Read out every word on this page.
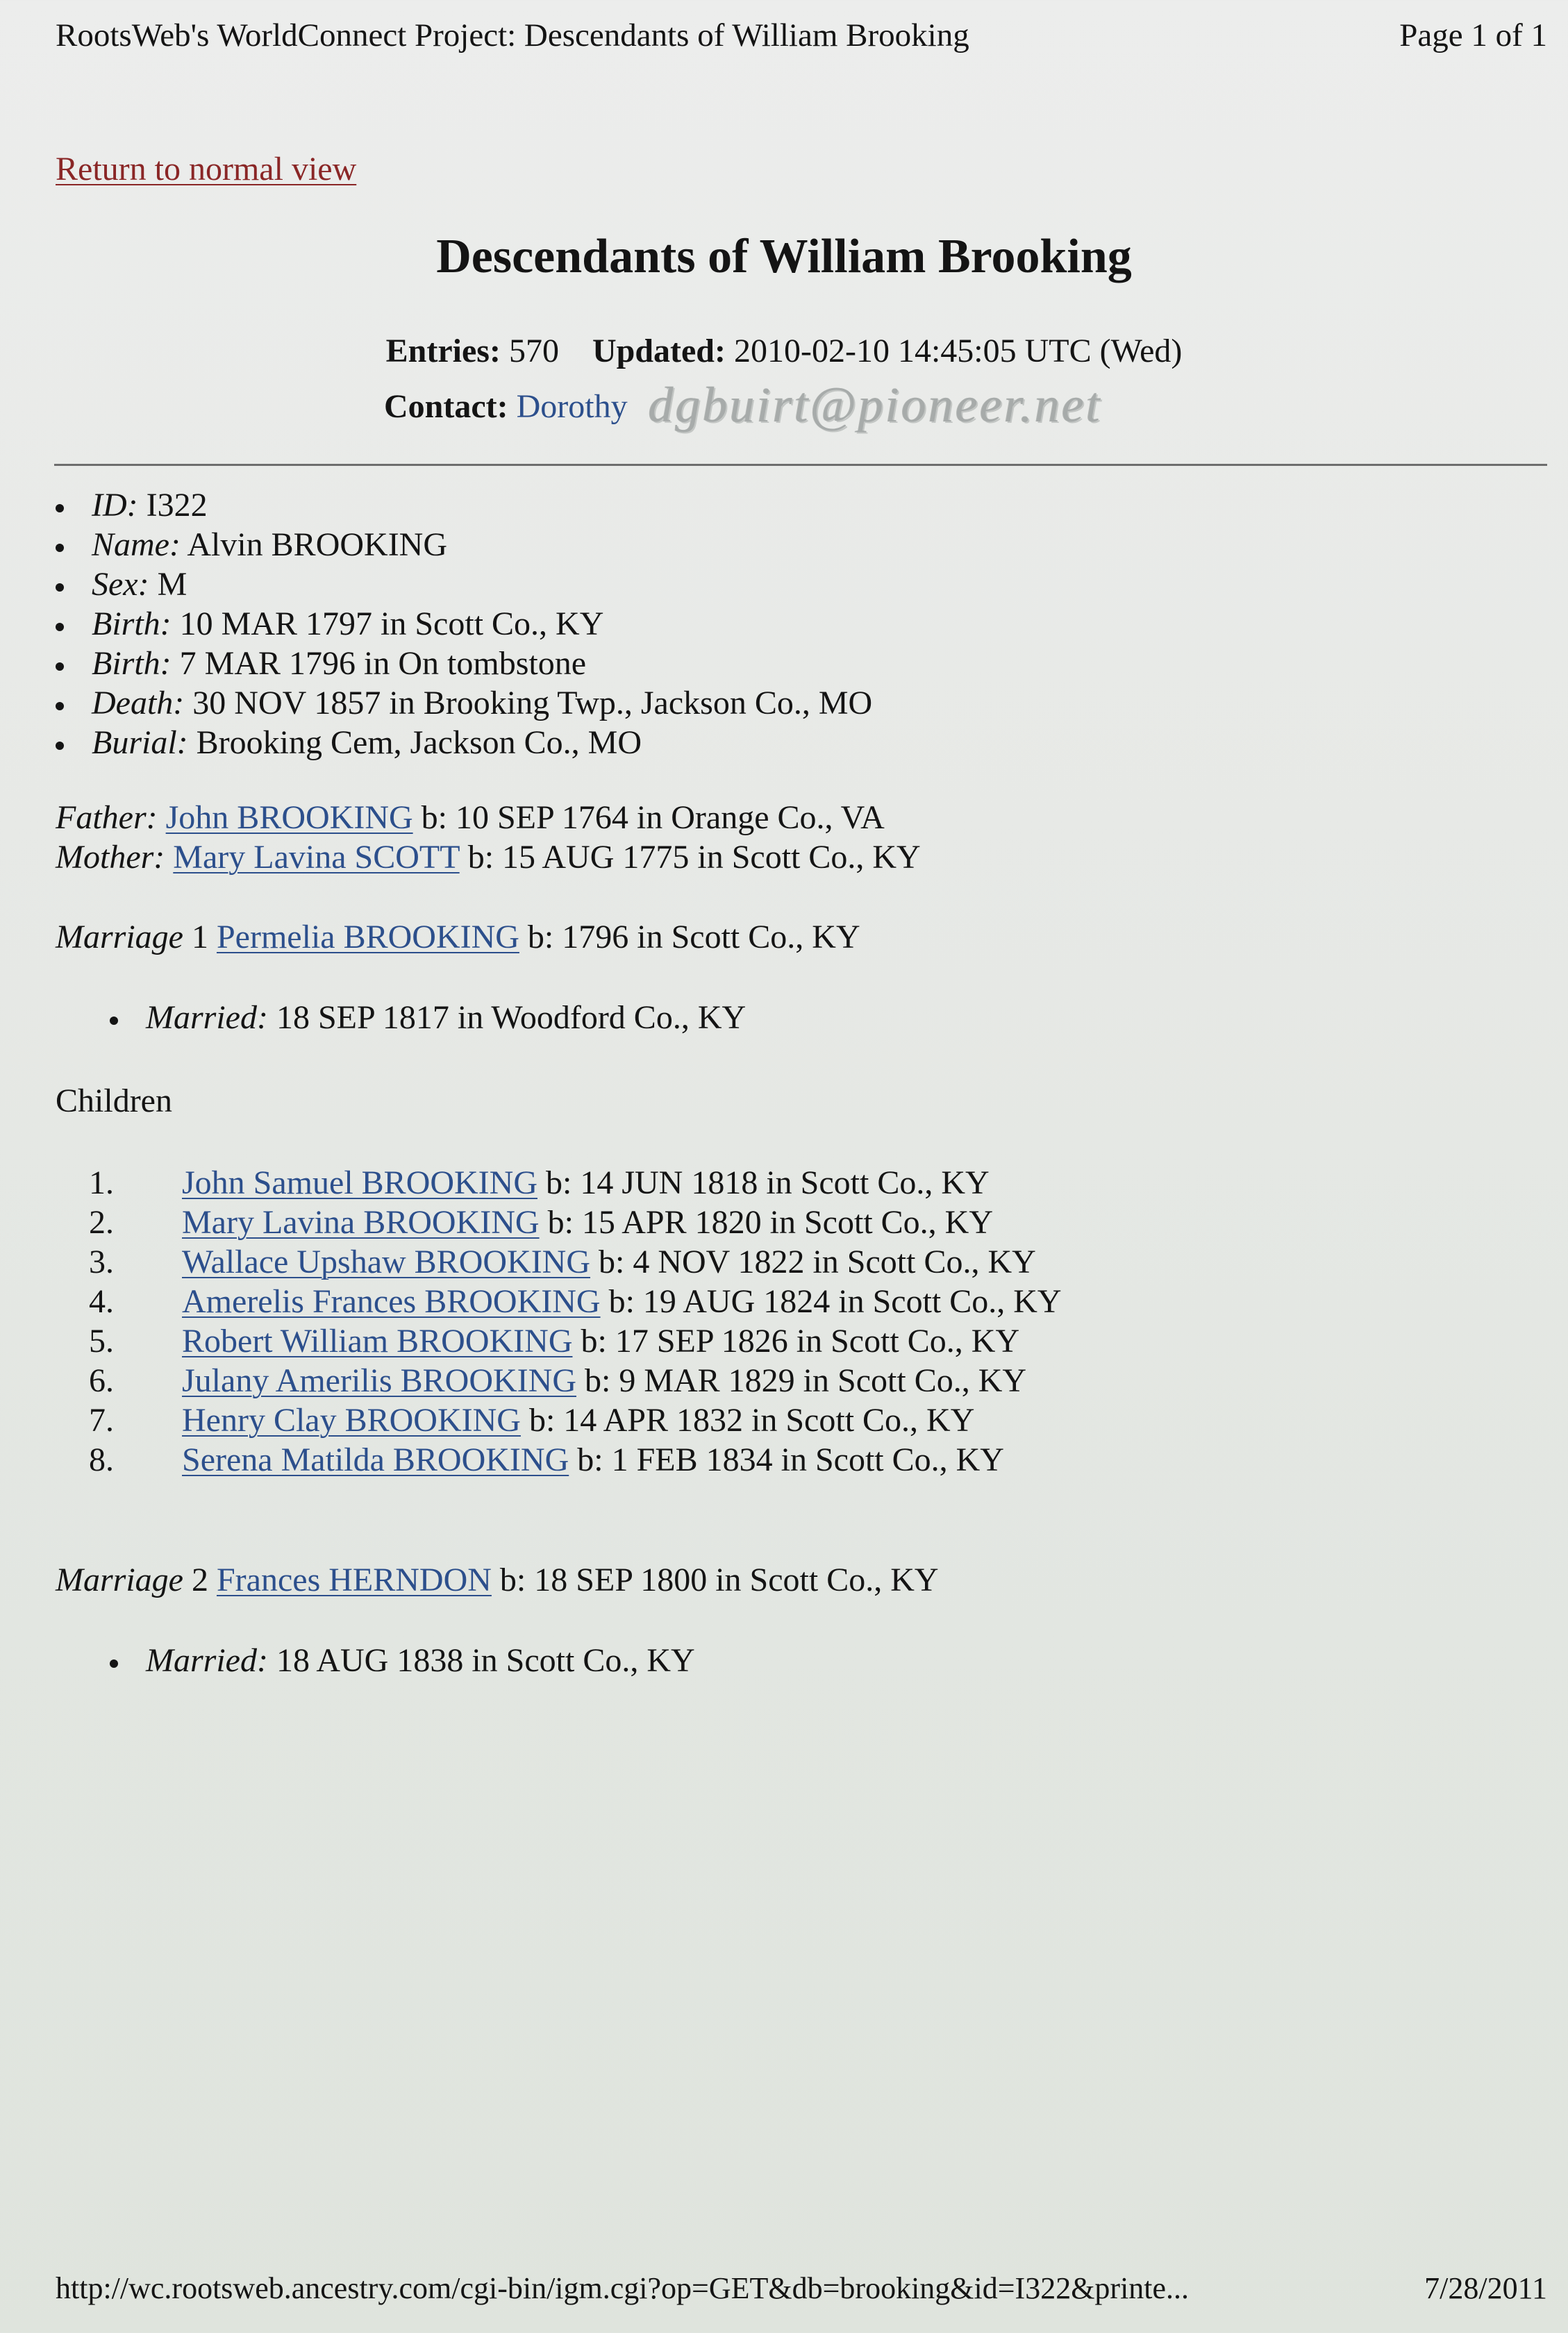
RootsWeb's WorldConnect Project: Descendants of William Brooking	Page 1 of 1
Return to normal view
Descendants of William Brooking
Entries: 570 Updated: 2010-02-10 14:45:05 UTC (Wed)
Contact: Dorothy dgbuirt@pioneer.net
ID: I322
Name: Alvin BROOKING
Sex: M
Birth: 10 MAR 1797 in Scott Co., KY
Birth: 7 MAR 1796 in On tombstone
Death: 30 NOV 1857 in Brooking Twp., Jackson Co., MO
Burial: Brooking Cem, Jackson Co., MO
Father: John BROOKING b: 10 SEP 1764 in Orange Co., VA
Mother: Mary Lavina SCOTT b: 15 AUG 1775 in Scott Co., KY
Marriage 1 Permelia BROOKING b: 1796 in Scott Co., KY
Married: 18 SEP 1817 in Woodford Co., KY
Children
1. John Samuel BROOKING b: 14 JUN 1818 in Scott Co., KY
2. Mary Lavina BROOKING b: 15 APR 1820 in Scott Co., KY
3. Wallace Upshaw BROOKING b: 4 NOV 1822 in Scott Co., KY
4. Amerelis Frances BROOKING b: 19 AUG 1824 in Scott Co., KY
5. Robert William BROOKING b: 17 SEP 1826 in Scott Co., KY
6. Julany Amerilis BROOKING b: 9 MAR 1829 in Scott Co., KY
7. Henry Clay BROOKING b: 14 APR 1832 in Scott Co., KY
8. Serena Matilda BROOKING b: 1 FEB 1834 in Scott Co., KY
Marriage 2 Frances HERNDON b: 18 SEP 1800 in Scott Co., KY
Married: 18 AUG 1838 in Scott Co., KY
http://wc.rootsweb.ancestry.com/cgi-bin/igm.cgi?op=GET&db=brooking&id=I322&printe...	7/28/2011
